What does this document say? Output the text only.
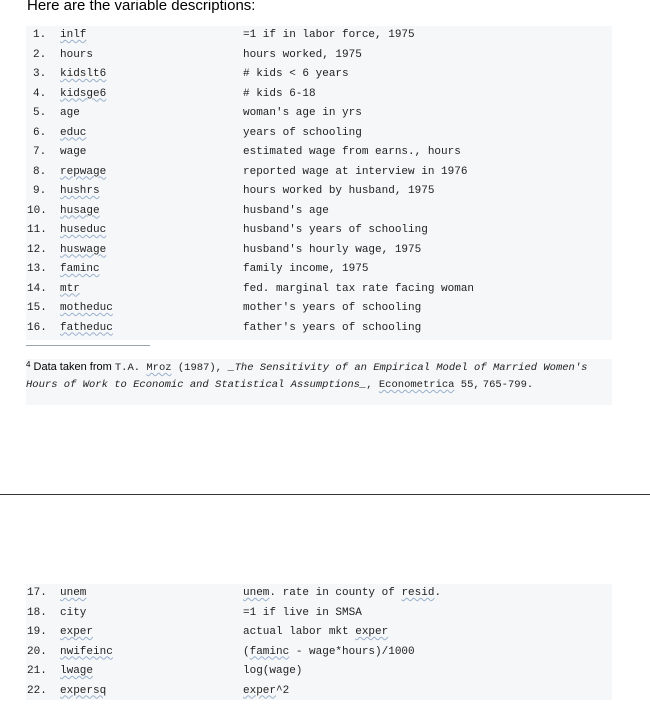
Here are the variable descriptions:
1. inlf	=1 if in labor force, 1975
2. hours	hours worked, 1975
3. kidslt6	# kids < 6 years
4. kidsge6	# kids 6-18
5. age	woman's age in yrs
6. educ	years of schooling
7. wage	estimated wage from earns., hours
8. repwage	reported wage at interview in 1976
9. hushrs	hours worked by husband, 1975
10. husage	husband's age
11. huseduc	husband's years of schooling
12. huswage	husband's hourly wage, 1975
13. faminc	family income, 1975
14. mtr	fed. marginal tax rate facing woman
15. motheduc	mother's years of schooling
16. fatheduc	father's years of schooling
$^4$ Data taken from T.A. Mroz (1987), _The Sensitivity of an Empirical Model of Married Women's Hours of Work to Economic and Statistical Assumptions_, Econometrica 55, 765-799.
17. unem	unem. rate in county of resid.
18. city	=1 if live in SMSA
19. exper	actual labor mkt exper
20. nwifeinc	(faminc - wage*hours)/1000
21. lwage	log(wage)
22. expersq	exper^2
